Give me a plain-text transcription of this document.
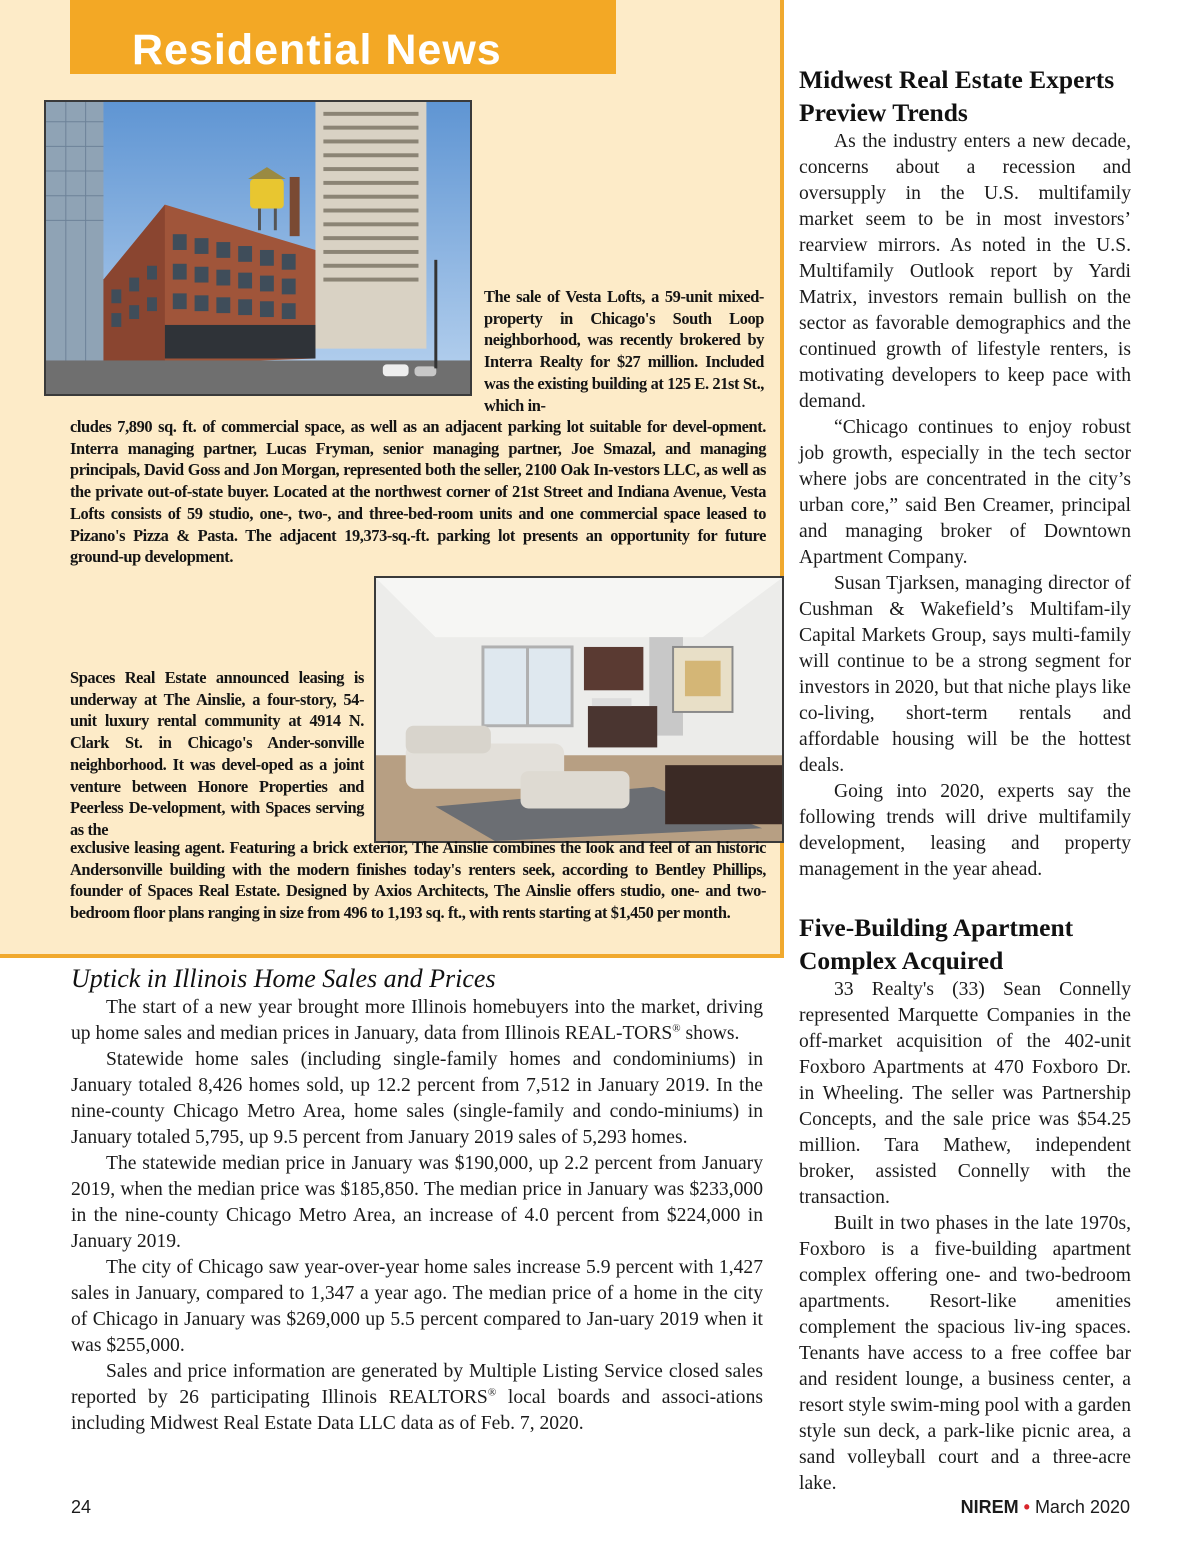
Residential News

The sale of Vesta Lofts, a 59-unit mixed-property in Chicago's South Loop neighborhood, was recently brokered by Interra Realty for $27 million. Included was the existing building at 125 E. 21st St., which in-

cludes 7,890 sq. ft. of commercial space, as well as an adjacent parking lot suitable for devel-opment. Interra managing partner, Lucas Fryman, senior managing partner, Joe Smazal, and managing principals, David Goss and Jon Morgan, represented both the seller, 2100 Oak In-vestors LLC, as well as the private out-of-state buyer. Located at the northwest corner of 21st Street and Indiana Avenue, Vesta Lofts consists of 59 studio, one-, two-, and three-bed-room units and one commercial space leased to Pizano's Pizza & Pasta. The adjacent 19,373-sq.-ft. parking lot presents an opportunity for future ground-up development.

Spaces Real Estate announced leasing is underway at The Ainslie, a four-story, 54-unit luxury rental community at 4914 N. Clark St. in Chicago's Ander-sonville neighborhood. It was devel-oped as a joint venture between Honore Properties and Peerless De-velopment, with Spaces serving as the

exclusive leasing agent. Featuring a brick exterior, The Ainslie combines the look and feel of an historic Andersonville building with the modern finishes today's renters seek, according to Bentley Phillips, founder of Spaces Real Estate. Designed by Axios Architects, The Ainslie offers studio, one- and two-bedroom floor plans ranging in size from 496 to 1,193 sq. ft., with rents starting at $1,450 per month.

Uptick in Illinois Home Sales and Prices

The start of a new year brought more Illinois homebuyers into the market, driving up home sales and median prices in January, data from Illinois REAL-TORS® shows.

Statewide home sales (including single-family homes and condominiums) in January totaled 8,426 homes sold, up 12.2 percent from 7,512 in January 2019. In the nine-county Chicago Metro Area, home sales (single-family and condo-miniums) in January totaled 5,795, up 9.5 percent from January 2019 sales of 5,293 homes.

The statewide median price in January was $190,000, up 2.2 percent from January 2019, when the median price was $185,850. The median price in January was $233,000 in the nine-county Chicago Metro Area, an increase of 4.0 percent from $224,000 in January 2019.

The city of Chicago saw year-over-year home sales increase 5.9 percent with 1,427 sales in January, compared to 1,347 a year ago. The median price of a home in the city of Chicago in January was $269,000 up 5.5 percent compared to Jan-uary 2019 when it was $255,000.

Sales and price information are generated by Multiple Listing Service closed sales reported by 26 participating Illinois REALTORS® local boards and associ-ations including Midwest Real Estate Data LLC data as of Feb. 7, 2020.

Midwest Real Estate Experts Preview Trends

As the industry enters a new decade, concerns about a recession and oversupply in the U.S. multifamily market seem to be in most investors’ rearview mirrors. As noted in the U.S. Multifamily Outlook report by Yardi Matrix, investors remain bullish on the sector as favorable demographics and the continued growth of lifestyle renters, is motivating developers to keep pace with demand.

“Chicago continues to enjoy robust job growth, especially in the tech sector where jobs are concentrated in the city’s urban core,” said Ben Creamer, principal and managing broker of Downtown Apartment Company.

Susan Tjarksen, managing director of Cushman & Wakefield’s Multifam-ily Capital Markets Group, says multi-family will continue to be a strong segment for investors in 2020, but that niche plays like co-living, short-term rentals and affordable housing will be the hottest deals.

Going into 2020, experts say the following trends will drive multifamily development, leasing and property management in the year ahead.

Five-Building Apartment Complex Acquired

33 Realty's (33) Sean Connelly represented Marquette Companies in the off-market acquisition of the 402-unit Foxboro Apartments at 470 Foxboro Dr. in Wheeling. The seller was Partnership Concepts, and the sale price was $54.25 million. Tara Mathew, independent broker, assisted Connelly with the transaction.

Built in two phases in the late 1970s, Foxboro is a five-building apartment complex offering one- and two-bedroom apartments. Resort-like amenities complement the spacious liv-ing spaces. Tenants have access to a free coffee bar and resident lounge, a business center, a resort style swim-ming pool with a garden style sun deck, a park-like picnic area, a sand volleyball court and a three-acre lake.

24	NIREM • March 2020
